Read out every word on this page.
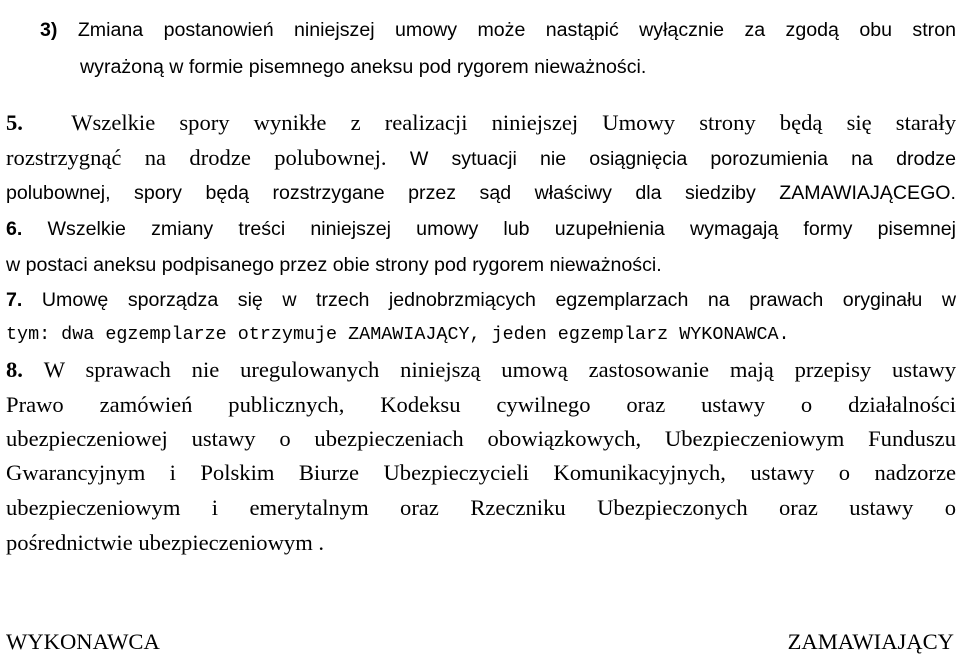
3) Zmiana postanowień niniejszej umowy może nastąpić wyłącznie za zgodą obu stron
wyrażoną w formie pisemnego aneksu pod rygorem nieważności.
5. Wszelkie spory wynikłe z realizacji niniejszej Umowy strony będą się starały
rozstrzygnąć na drodze polubownej. W sytuacji nie osiągnięcia porozumienia na drodze
polubownej, spory będą rozstrzygane przez sąd właściwy dla siedziby ZAMAWIAJĄCEGO.
6. Wszelkie zmiany treści niniejszej umowy lub uzupełnienia wymagają formy pisemnej
w postaci aneksu podpisanego przez obie strony pod rygorem nieważności.
7. Umowę sporządza się w trzech jednobrzmiących egzemplarzach na prawach oryginału w
tym: dwa egzemplarze otrzymuje ZAMAWIAJĄCY, jeden egzemplarz WYKONAWCA.
8. W sprawach nie uregulowanych niniejszą umową zastosowanie mają przepisy ustawy
Prawo zamówień publicznych, Kodeksu cywilnego oraz ustawy o działalności
ubezpieczeniowej ustawy o ubezpieczeniach obowiązkowych, Ubezpieczeniowym Funduszu
Gwarancyjnym i Polskim Biurze Ubezpieczycieli Komunikacyjnych, ustawy o nadzorze
ubezpieczeniowym i emerytalnym oraz Rzeczniku Ubezpieczonych oraz ustawy o
pośrednictwie ubezpieczeniowym .
WYKONAWCA	ZAMAWIAJĄCY
